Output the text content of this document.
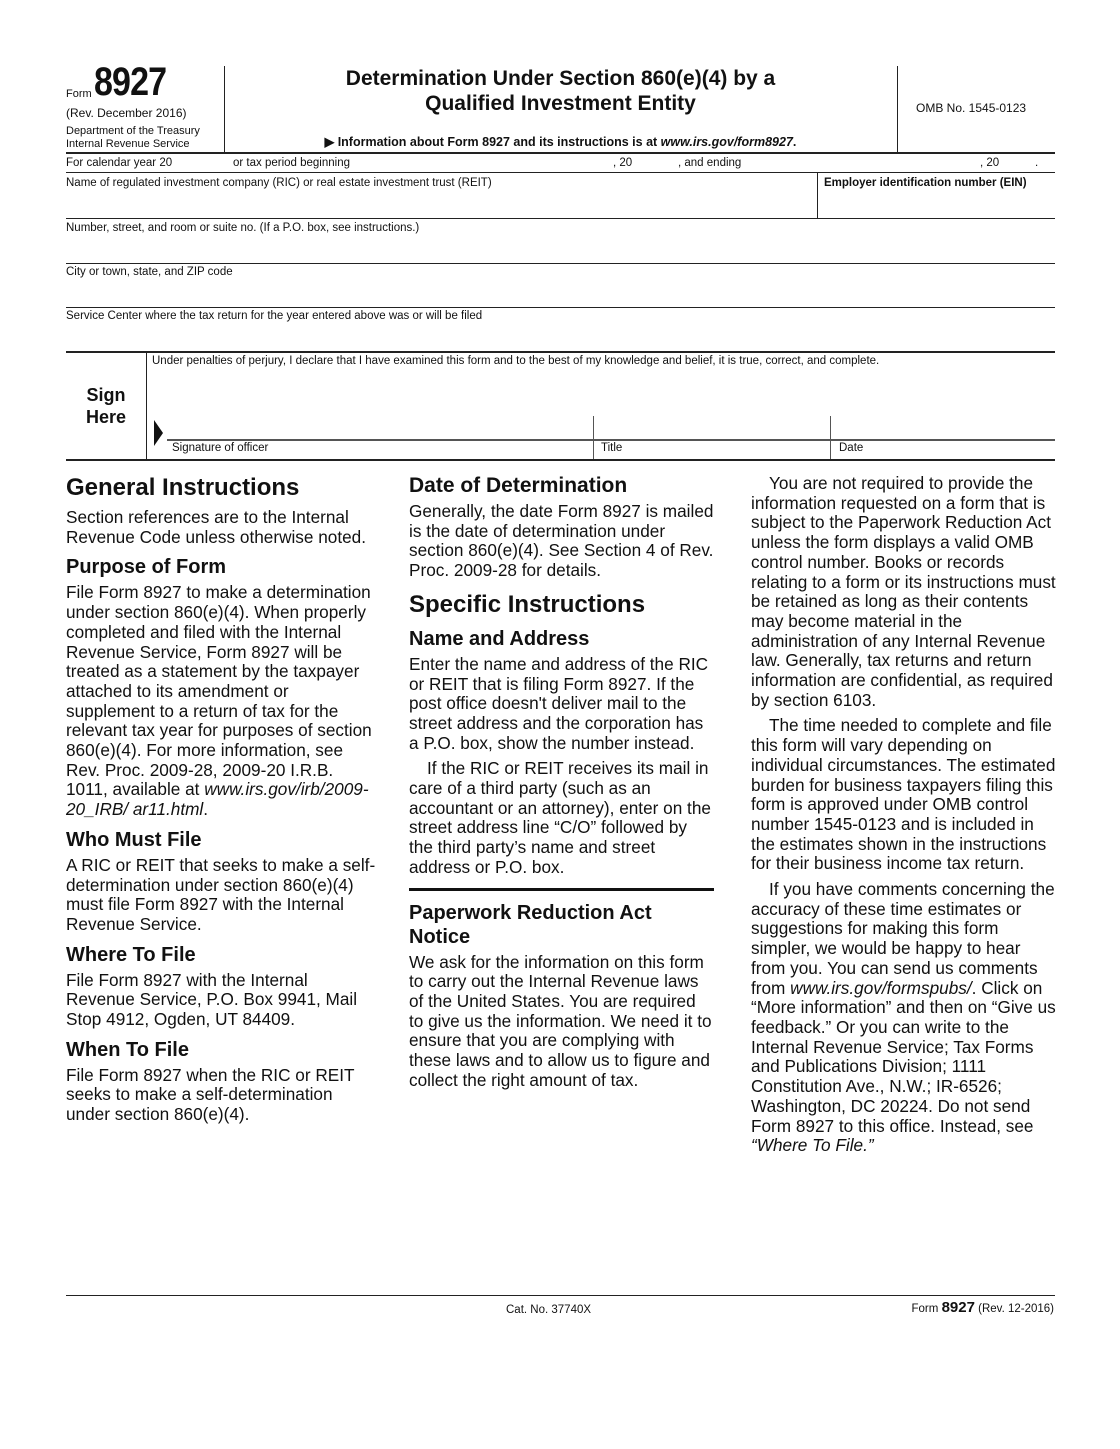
Form 8927
(Rev. December 2016)
Department of the Treasury
Internal Revenue Service
Determination Under Section 860(e)(4) by a
Qualified Investment Entity
▶ Information about Form 8927 and its instructions is at www.irs.gov/form8927.
OMB No. 1545-0123
For calendar year 20	or tax period beginning	, 20	, and ending	, 20	.
Name of regulated investment company (RIC) or real estate investment trust (REIT)	Employer identification number (EIN)
Number, street, and room or suite no. (If a P.O. box, see instructions.)
City or town, state, and ZIP code
Service Center where the tax return for the year entered above was or will be filed
Sign
Here
Under penalties of perjury, I declare that I have examined this form and to the best of my knowledge and belief, it is true, correct, and complete.
Signature of officer	Title	Date
General Instructions

Section references are to the Internal Revenue Code unless otherwise noted.

Purpose of Form

File Form 8927 to make a determination under section 860(e)(4). When properly completed and filed with the Internal Revenue Service, Form 8927 will be treated as a statement by the taxpayer attached to its amendment or supplement to a return of tax for the relevant tax year for purposes of section 860(e)(4). For more information, see Rev. Proc. 2009-28, 2009-20 I.R.B. 1011, available at www.irs.gov/irb/2009-20_IRB/ ar11.html.

Who Must File

A RIC or REIT that seeks to make a self-determination under section 860(e)(4) must file Form 8927 with the Internal Revenue Service.

Where To File

File Form 8927 with the Internal Revenue Service, P.O. Box 9941, Mail Stop 4912, Ogden, UT 84409.

When To File

File Form 8927 when the RIC or REIT seeks to make a self-determination under section 860(e)(4).

Date of Determination

Generally, the date Form 8927 is mailed is the date of determination under section 860(e)(4). See Section 4 of Rev. Proc. 2009-28 for details.

Specific Instructions
Name and Address

Enter the name and address of the RIC or REIT that is filing Form 8927. If the post office doesn't deliver mail to the street address and the corporation has a P.O. box, show the number instead.

If the RIC or REIT receives its mail in care of a third party (such as an accountant or an attorney), enter on the street address line “C/O” followed by the third party’s name and street address or P.O. box.

Paperwork Reduction Act Notice

We ask for the information on this form to carry out the Internal Revenue laws of the United States. You are required to give us the information. We need it to ensure that you are complying with these laws and to allow us to figure and collect the right amount of tax.

You are not required to provide the information requested on a form that is subject to the Paperwork Reduction Act unless the form displays a valid OMB control number. Books or records relating to a form or its instructions must be retained as long as their contents may become material in the administration of any Internal Revenue law. Generally, tax returns and return information are confidential, as required by section 6103.

The time needed to complete and file this form will vary depending on individual circumstances. The estimated burden for business taxpayers filing this form is approved under OMB control number 1545-0123 and is included in the estimates shown in the instructions for their business income tax return.

If you have comments concerning the accuracy of these time estimates or suggestions for making this form simpler, we would be happy to hear from you. You can send us comments from www.irs.gov/formspubs/. Click on “More information” and then on “Give us feedback.” Or you can write to the Internal Revenue Service; Tax Forms and Publications Division; 1111 Constitution Ave., N.W.; IR-6526; Washington, DC 20224. Do not send Form 8927 to this office. Instead, see “Where To File.”

Cat. No. 37740X	Form 8927 (Rev. 12-2016)
